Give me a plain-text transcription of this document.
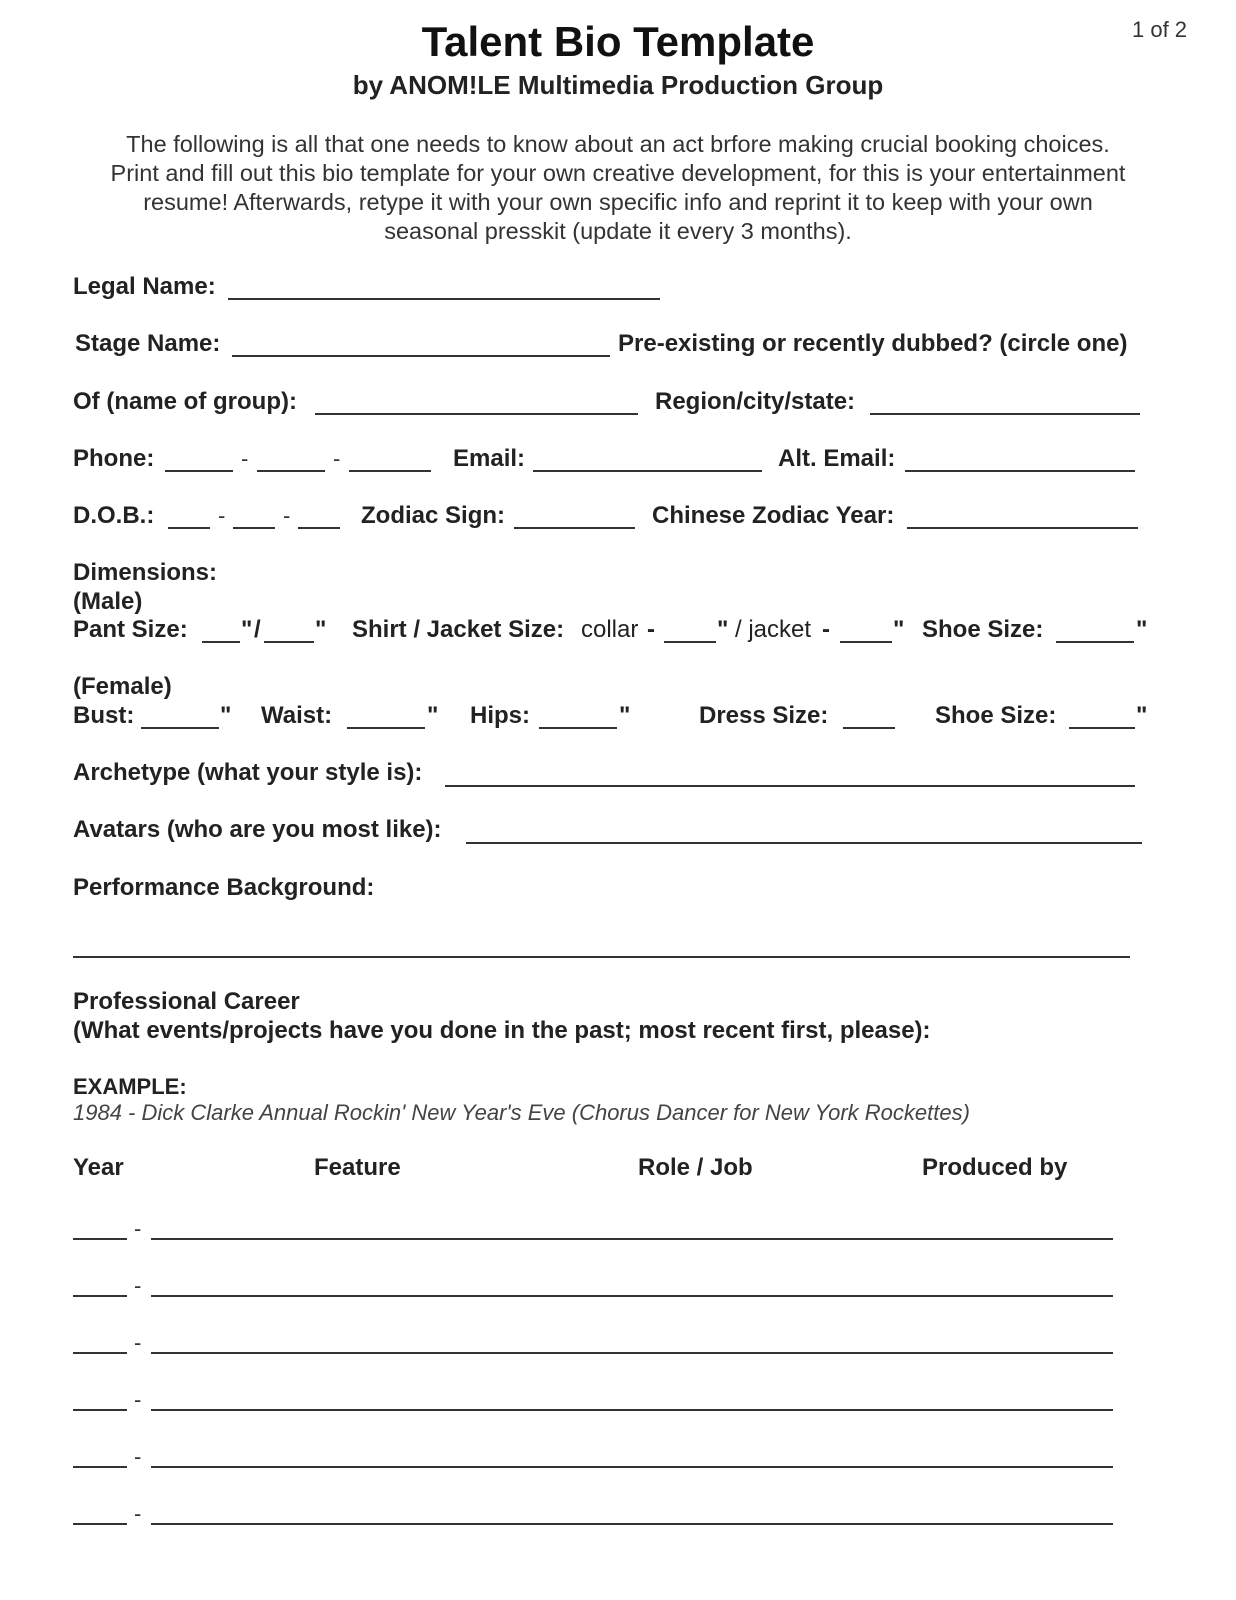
1 of 2
Talent Bio Template
by ANOM!LE Multimedia Production Group
The following is all that one needs to know about an act brfore making crucial booking choices.
Print and fill out this bio template for your own creative development, for this is your entertainment
resume! Afterwards, retype it with your own specific info and reprint it to keep with your own
seasonal presskit (update it every 3 months).
Legal Name:
Stage Name:	Pre-existing or recently dubbed? (circle one)
Of (name of group):	Region/city/state:
Phone:	-	-	Email:	Alt. Email:
D.O.B.:	-	-	Zodiac Sign:	Chinese Zodiac Year:
Dimensions:
(Male)
Pant Size: " / " Shirt / Jacket Size: collar -	" / jacket -	" Shoe Size:	"
(Female)
Bust:	" Waist:	" Hips:	"	Dress Size:	Shoe Size:	"
Archetype (what your style is):
Avatars (who are you most like):
Performance Background:
Professional Career
(What events/projects have you done in the past; most recent first, please):
EXAMPLE:
1984 - Dick Clarke Annual Rockin' New Year's Eve (Chorus Dancer for New York Rockettes)
Year	Feature	Role / Job	Produced by
-
-
-
-
-
-
